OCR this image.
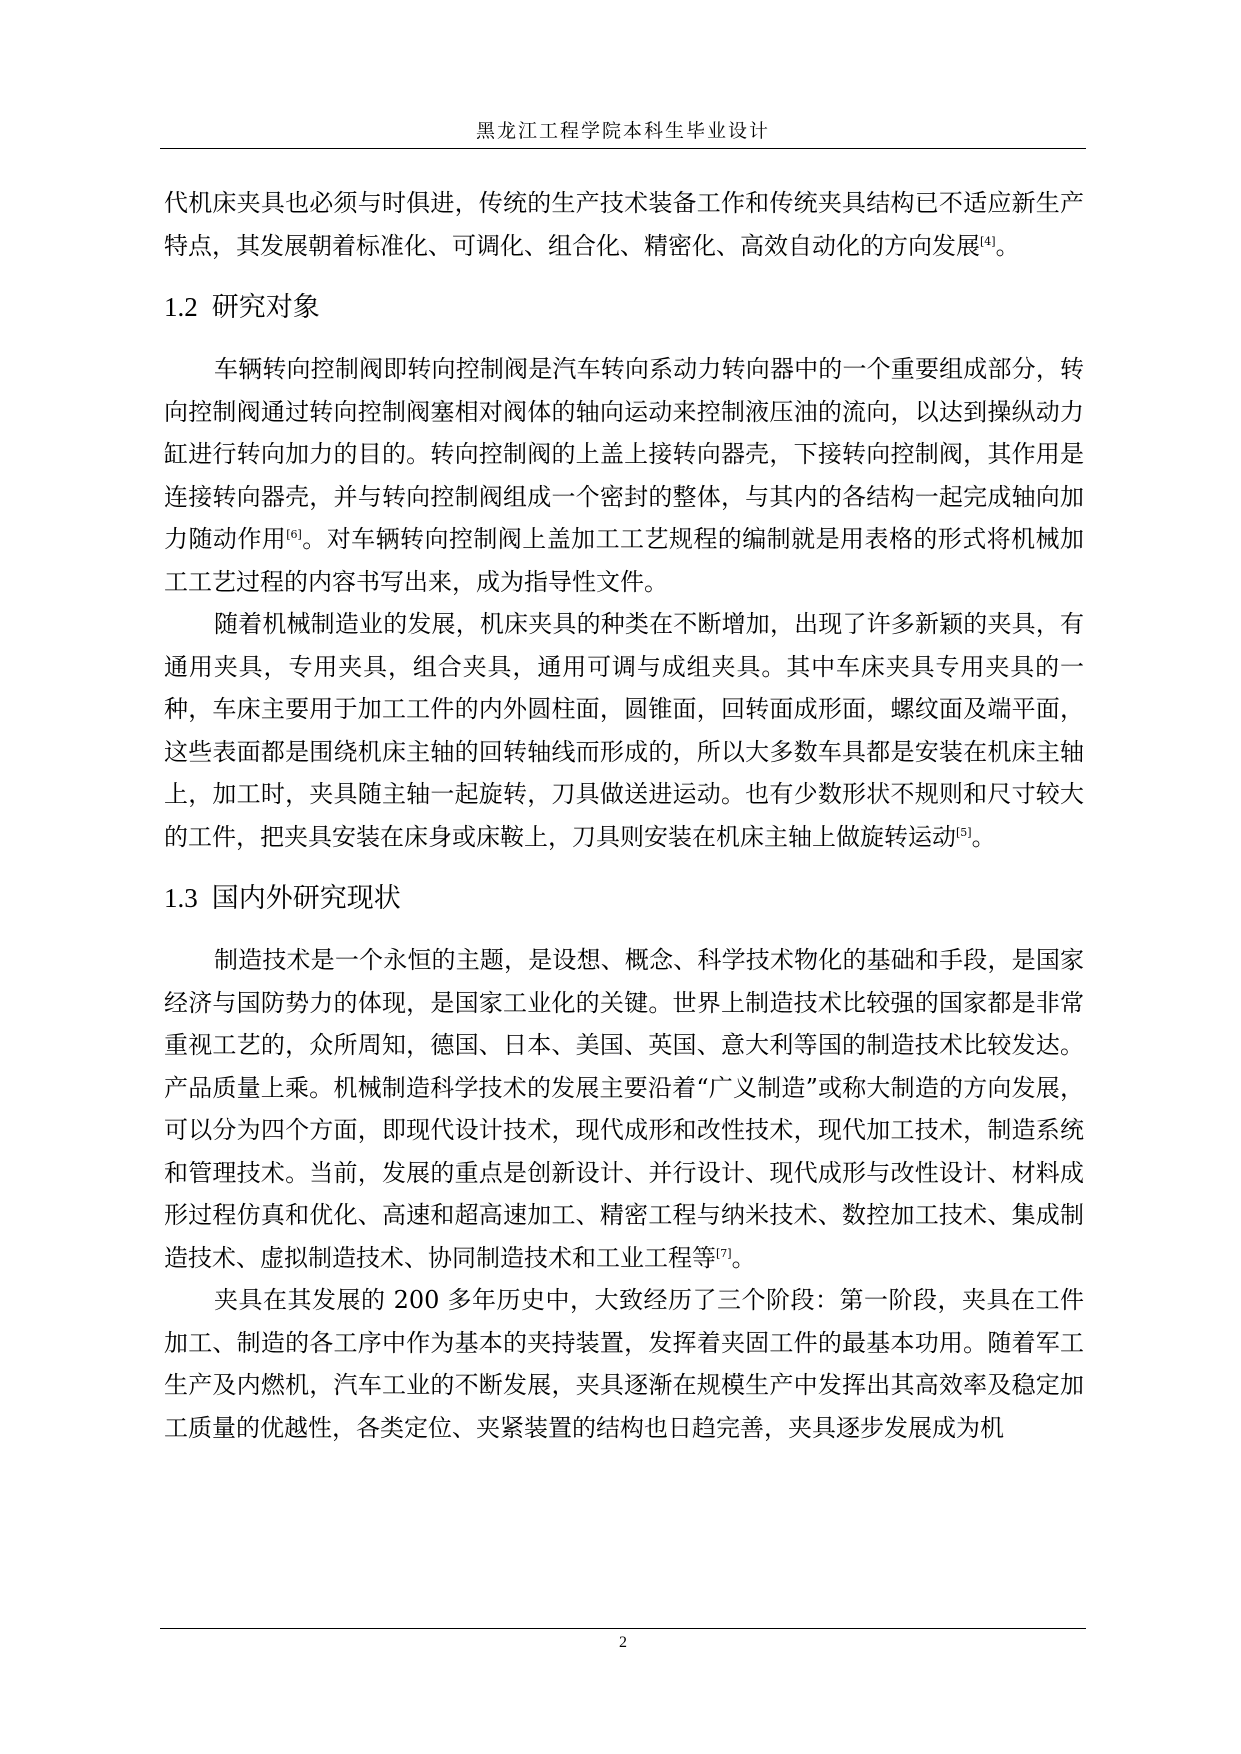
黑龙江工程学院本科生毕业设计

代机床夹具也必须与时俱进，传统的生产技术装备工作和传统夹具结构已不适应新生产特点，其发展朝着标准化、可调化、组合化、精密化、高效自动化的方向发展[4]。

1.2 研究对象

车辆转向控制阀即转向控制阀是汽车转向系动力转向器中的一个重要组成部分，转向控制阀通过转向控制阀塞相对阀体的轴向运动来控制液压油的流向，以达到操纵动力缸进行转向加力的目的。转向控制阀的上盖上接转向器壳，下接转向控制阀，其作用是连接转向器壳，并与转向控制阀组成一个密封的整体，与其内的各结构一起完成轴向加力随动作用[6]。对车辆转向控制阀上盖加工工艺规程的编制就是用表格的形式将机械加工工艺过程的内容书写出来，成为指导性文件。

随着机械制造业的发展，机床夹具的种类在不断增加，出现了许多新颖的夹具，有通用夹具，专用夹具，组合夹具，通用可调与成组夹具。其中车床夹具专用夹具的一种，车床主要用于加工工件的内外圆柱面，圆锥面，回转面成形面，螺纹面及端平面，这些表面都是围绕机床主轴的回转轴线而形成的，所以大多数车具都是安装在机床主轴上，加工时，夹具随主轴一起旋转，刀具做送进运动。也有少数形状不规则和尺寸较大的工件，把夹具安装在床身或床鞍上，刀具则安装在机床主轴上做旋转运动[5]。

1.3 国内外研究现状

制造技术是一个永恒的主题，是设想、概念、科学技术物化的基础和手段，是国家经济与国防势力的体现，是国家工业化的关键。世界上制造技术比较强的国家都是非常重视工艺的，众所周知，德国、日本、美国、英国、意大利等国的制造技术比较发达。产品质量上乘。机械制造科学技术的发展主要沿着“广义制造”或称大制造的方向发展，可以分为四个方面，即现代设计技术，现代成形和改性技术，现代加工技术，制造系统和管理技术。当前，发展的重点是创新设计、并行设计、现代成形与改性设计、材料成形过程仿真和优化、高速和超高速加工、精密工程与纳米技术、数控加工技术、集成制造技术、虚拟制造技术、协同制造技术和工业工程等[7]。

夹具在其发展的 200 多年历史中，大致经历了三个阶段：第一阶段，夹具在工件加工、制造的各工序中作为基本的夹持装置，发挥着夹固工件的最基本功用。随着军工生产及内燃机，汽车工业的不断发展，夹具逐渐在规模生产中发挥出其高效率及稳定加工质量的优越性，各类定位、夹紧装置的结构也日趋完善，夹具逐步发展成为机

2
